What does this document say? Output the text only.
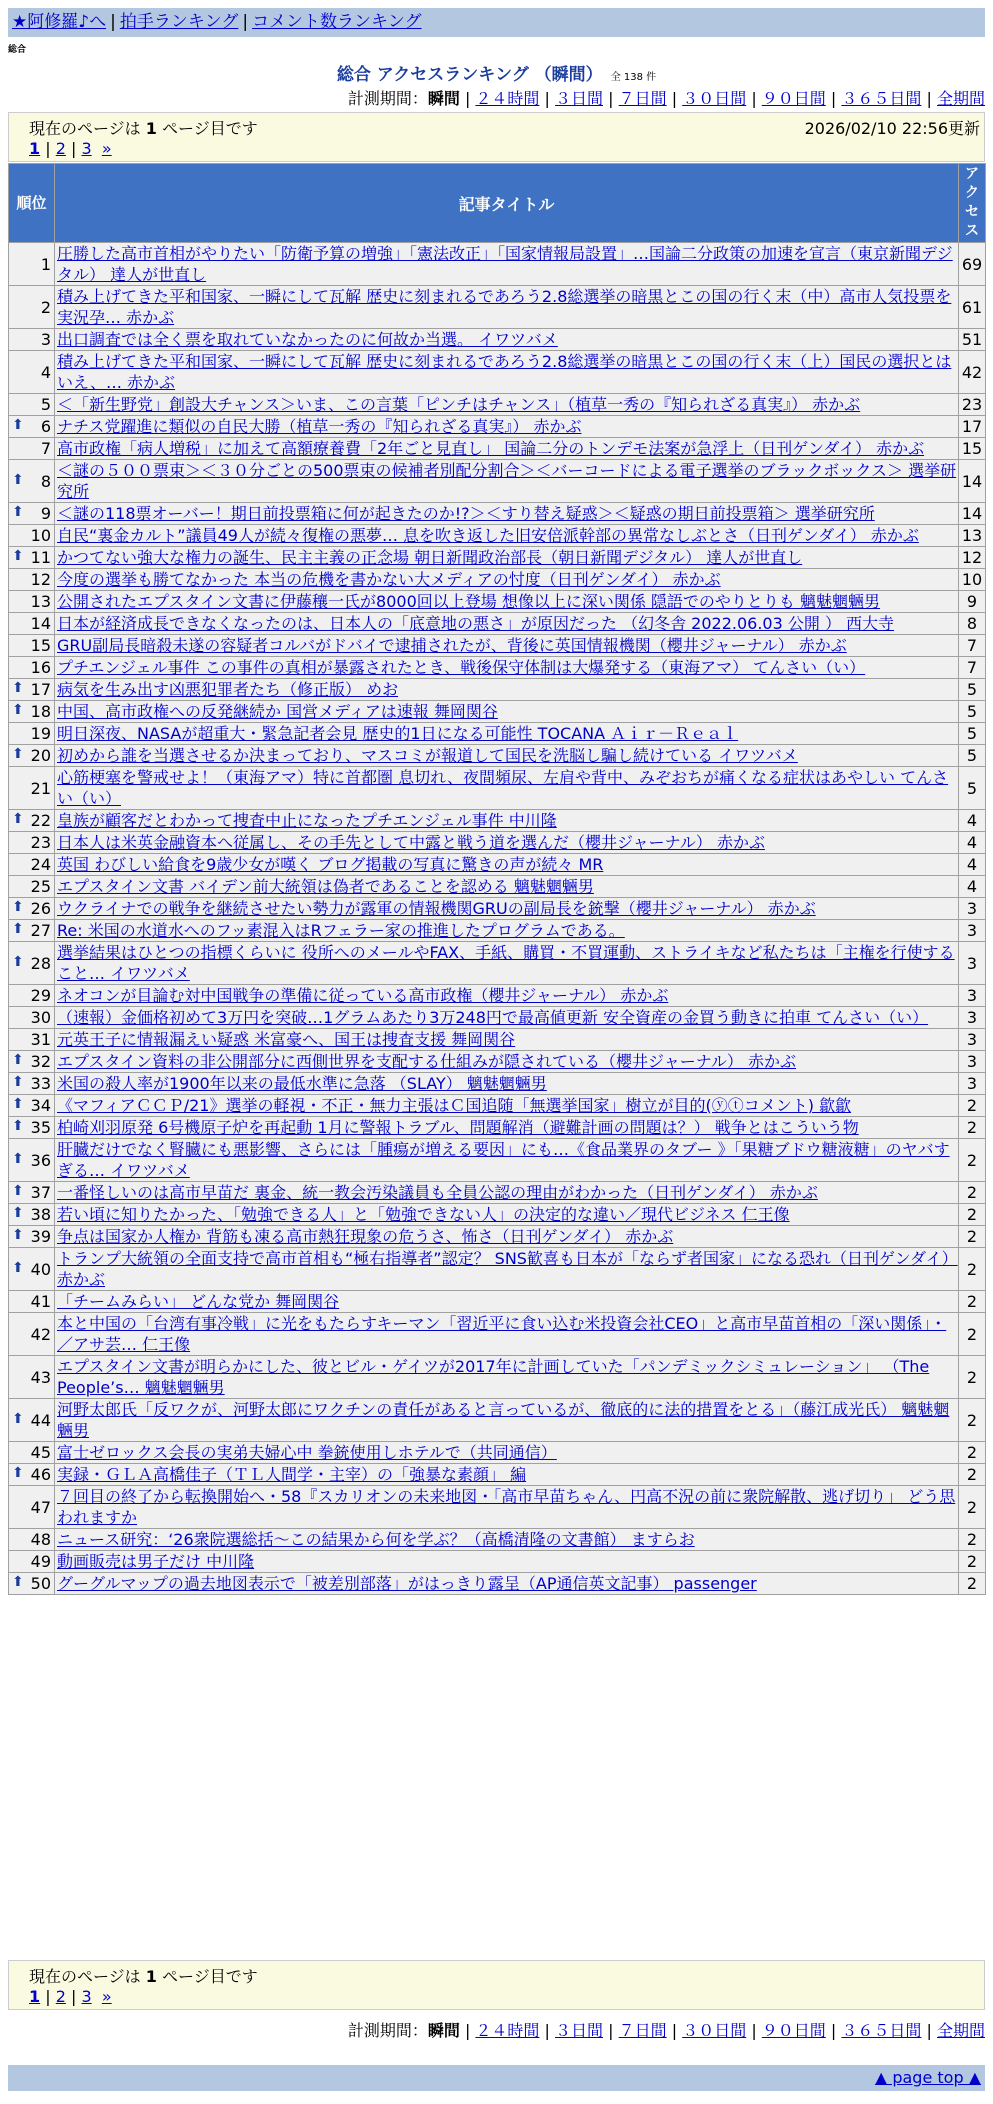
★阿修羅♪へ | 拍手ランキング | コメント数ランキング
総合
総合 アクセスランキング （瞬間） 全 138 件
計測期間：瞬間 | ２４時間 | ３日間 | ７日間 | ３０日間 | ９０日間 | ３６５日間 | 全期間
現在のページは 1 ページ目です	2026/02/10 22:56更新
1 | 2 | 3 »
順位	記事タイトル	アクセス
1	圧勝した高市首相がやりたい「防衛予算の増強」「憲法改正」「国家情報局設置」…国論二分政策の加速を宣言（東京新聞デジタル） 達人が世直し	69
2	積み上げてきた平和国家、一瞬にして瓦解 歴史に刻まれるであろう2.8総選挙の暗黒とこの国の行く末（中）高市人気投票を実況孕… 赤かぶ	61
3	出口調査では全く票を取れていなかったのに何故か当選。 イワツバメ	51
4	積み上げてきた平和国家、一瞬にして瓦解 歴史に刻まれるであろう2.8総選挙の暗黒とこの国の行く末（上）国民の選択とはいえ、… 赤かぶ	42
5	＜「新生野党」創設大チャンス＞いま、この言葉「ピンチはチャンス」（植草一秀の『知られざる真実』） 赤かぶ	23

⬆ 6	ナチス党躍進に類似の自民大勝（植草一秀の『知られざる真実』） 赤かぶ	17
7	高市政権「病人増税」に加えて高額療養費「2年ごと見直し」 国論二分のトンデモ法案が急浮上（日刊ゲンダイ） 赤かぶ	15

⬆ 8	＜謎の５００票束＞＜３０分ごとの500票束の候補者別配分割合＞＜バーコードによる電子選挙のブラックボックス＞ 選挙研究所	14

⬆ 9	＜謎の118票オーバー！期日前投票箱に何が起きたのか!?＞＜すり替え疑惑＞＜疑惑の期日前投票箱＞ 選挙研究所	14
10	自民“裏金カルト”議員49人が続々復権の悪夢… 息を吹き返した旧安倍派幹部の異常なしぶとさ（日刊ゲンダイ） 赤かぶ	13

⬆ 11	かつてない強大な権力の誕生、民主主義の正念場 朝日新聞政治部長（朝日新聞デジタル） 達人が世直し	12
12	今度の選挙も勝てなかった 本当の危機を書かない大メディアの忖度（日刊ゲンダイ） 赤かぶ	10
13	公開されたエプスタイン文書に伊藤穰一氏が8000回以上登場 想像以上に深い関係 隠語でのやりとりも 魑魅魍魎男	9
14	日本が経済成長できなくなったのは、日本人の「底意地の悪さ」が原因だった （幻冬舎 2022.06.03 公開 ） 西大寺	8
15	GRU副局長暗殺未遂の容疑者コルバがドバイで逮捕されたが、背後に英国情報機関（櫻井ジャーナル） 赤かぶ	7
16	プチエンジェル事件 この事件の真相が暴露されたとき、戦後保守体制は大爆発する（東海アマ） てんさい（い）	7

⬆ 17	病気を生み出す凶悪犯罪者たち（修正版） めお	5

⬆ 18	中国、高市政権への反発継続か 国営メディアは速報 舞岡関谷	5
19	明日深夜、NASAが超重大・緊急記者会見 歴史的1日になる可能性 TOCANA Ａｉｒ－Ｒｅａｌ	5

⬆ 20	初めから誰を当選させるか決まっており、マスコミが報道して国民を洗脳し騙し続けている イワツバメ	5
21	心筋梗塞を警戒せよ！（東海アマ）特に首都圏 息切れ、夜間頻尿、左肩や背中、みぞおちが痛くなる症状はあやしい てんさい（い）	5

⬆ 22	皇族が顧客だとわかって捜査中止になったプチエンジェル事件 中川隆	4
23	日本人は米英金融資本へ従属し、その手先として中露と戦う道を選んだ（櫻井ジャーナル） 赤かぶ	4
24	英国 わびしい給食を9歳少女が嘆く ブログ掲載の写真に驚きの声が続々 MR	4
25	エプスタイン文書 バイデン前大統領は偽者であることを認める 魑魅魍魎男	4

⬆ 26	ウクライナでの戦争を継続させたい勢力が露軍の情報機関GRUの副局長を銃撃（櫻井ジャーナル） 赤かぶ	3

⬆ 27	Re: 米国の水道水へのフッ素混入はRフェラー家の推進したプログラムである。	3

⬆ 28	選挙結果はひとつの指標くらいに 役所へのメールやFAX、手紙、購買・不買運動、ストライキなど私たちは「主権を行使すること… イワツバメ	3
29	ネオコンが目論む対中国戦争の準備に従っている高市政権（櫻井ジャーナル） 赤かぶ	3
30	（速報）金価格初めて3万円を突破…1グラムあたり3万248円で最高値更新 安全資産の金買う動きに拍車 てんさい（い）	3
31	元英王子に情報漏えい疑惑 米富豪へ、国王は捜査支援 舞岡関谷	3

⬆ 32	エプスタイン資料の非公開部分に西側世界を支配する仕組みが隠されている（櫻井ジャーナル） 赤かぶ	3

⬆ 33	米国の殺人率が1900年以来の最低水準に急落 （SLAY） 魑魅魍魎男	3

⬆ 34	《マフィアＣＣＰ/21》選挙の軽視・不正・無力主張はＣ国追随「無選挙国家」樹立が目的(ⓨⓣコメント) 歙歙	2

⬆ 35	柏崎刈羽原発 6号機原子炉を再起動 1月に警報トラブル、問題解消（避難計画の問題は？） 戦争とはこういう物	2

⬆ 36	肝臓だけでなく腎臓にも悪影響、さらには「腫瘍が増える要因」にも…《食品業界のタブー 》「果糖ブドウ糖液糖」のヤバすぎる… イワツバメ	2

⬆ 37	一番怪しいのは高市早苗だ 裏金、統一教会汚染議員も全員公認の理由がわかった（日刊ゲンダイ） 赤かぶ	2

⬆ 38	若い頃に知りたかった、「勉強できる人」と「勉強できない人」の決定的な違い／現代ビジネス 仁王像	2

⬆ 39	争点は国家か人権か 背筋も凍る高市熱狂現象の危うさ、怖さ（日刊ゲンダイ） 赤かぶ	2

⬆ 40	トランプ大統領の全面支持で高市首相も“極右指導者”認定？ SNS歓喜も日本が「ならず者国家」になる恐れ（日刊ゲンダイ） 赤かぶ	2
41	「チームみらい」 どんな党か 舞岡関谷	2
42	本と中国の「台湾有事冷戦」に光をもたらすキーマン「習近平に食い込む米投資会社CEO」と高市早苗首相の「深い関係」・／アサ芸… 仁王像	2
43	エプスタイン文書が明らかにした、彼とビル・ゲイツが2017年に計画していた「パンデミックシミュレーション」 （The People’s… 魑魅魍魎男	2

⬆ 44	河野太郎氏「反ワクが、河野太郎にワクチンの責任があると言っているが、徹底的に法的措置をとる」（藤江成光氏） 魑魅魍魎男	2
45	富士ゼロックス会長の実弟夫婦心中 拳銃使用しホテルで（共同通信）	2

⬆ 46	実録・ＧＬＡ高橋佳子（ＴＬ人間学・主宰）の「強暴な素顔」 編	2
47	７回目の終了から転換開始へ・58『スカリオンの未来地図・「高市早苗ちゃん、円高不況の前に衆院解散、逃げ切り」 どう思われますか	2
48	ニュース研究：‘26衆院選総括～この結果から何を学ぶ？（高橋清隆の文書館） ますらお	2
49	動画販売は男子だけ 中川隆	2

⬆ 50	グーグルマップの過去地図表示で「被差別部落」がはっきり露呈（AP通信英文記事） passenger	2
現在のページは 1 ページ目です
1 | 2 | 3 »
計測期間：瞬間 | ２４時間 | ３日間 | ７日間 | ３０日間 | ９０日間 | ３６５日間 | 全期間
▲ page top ▲
